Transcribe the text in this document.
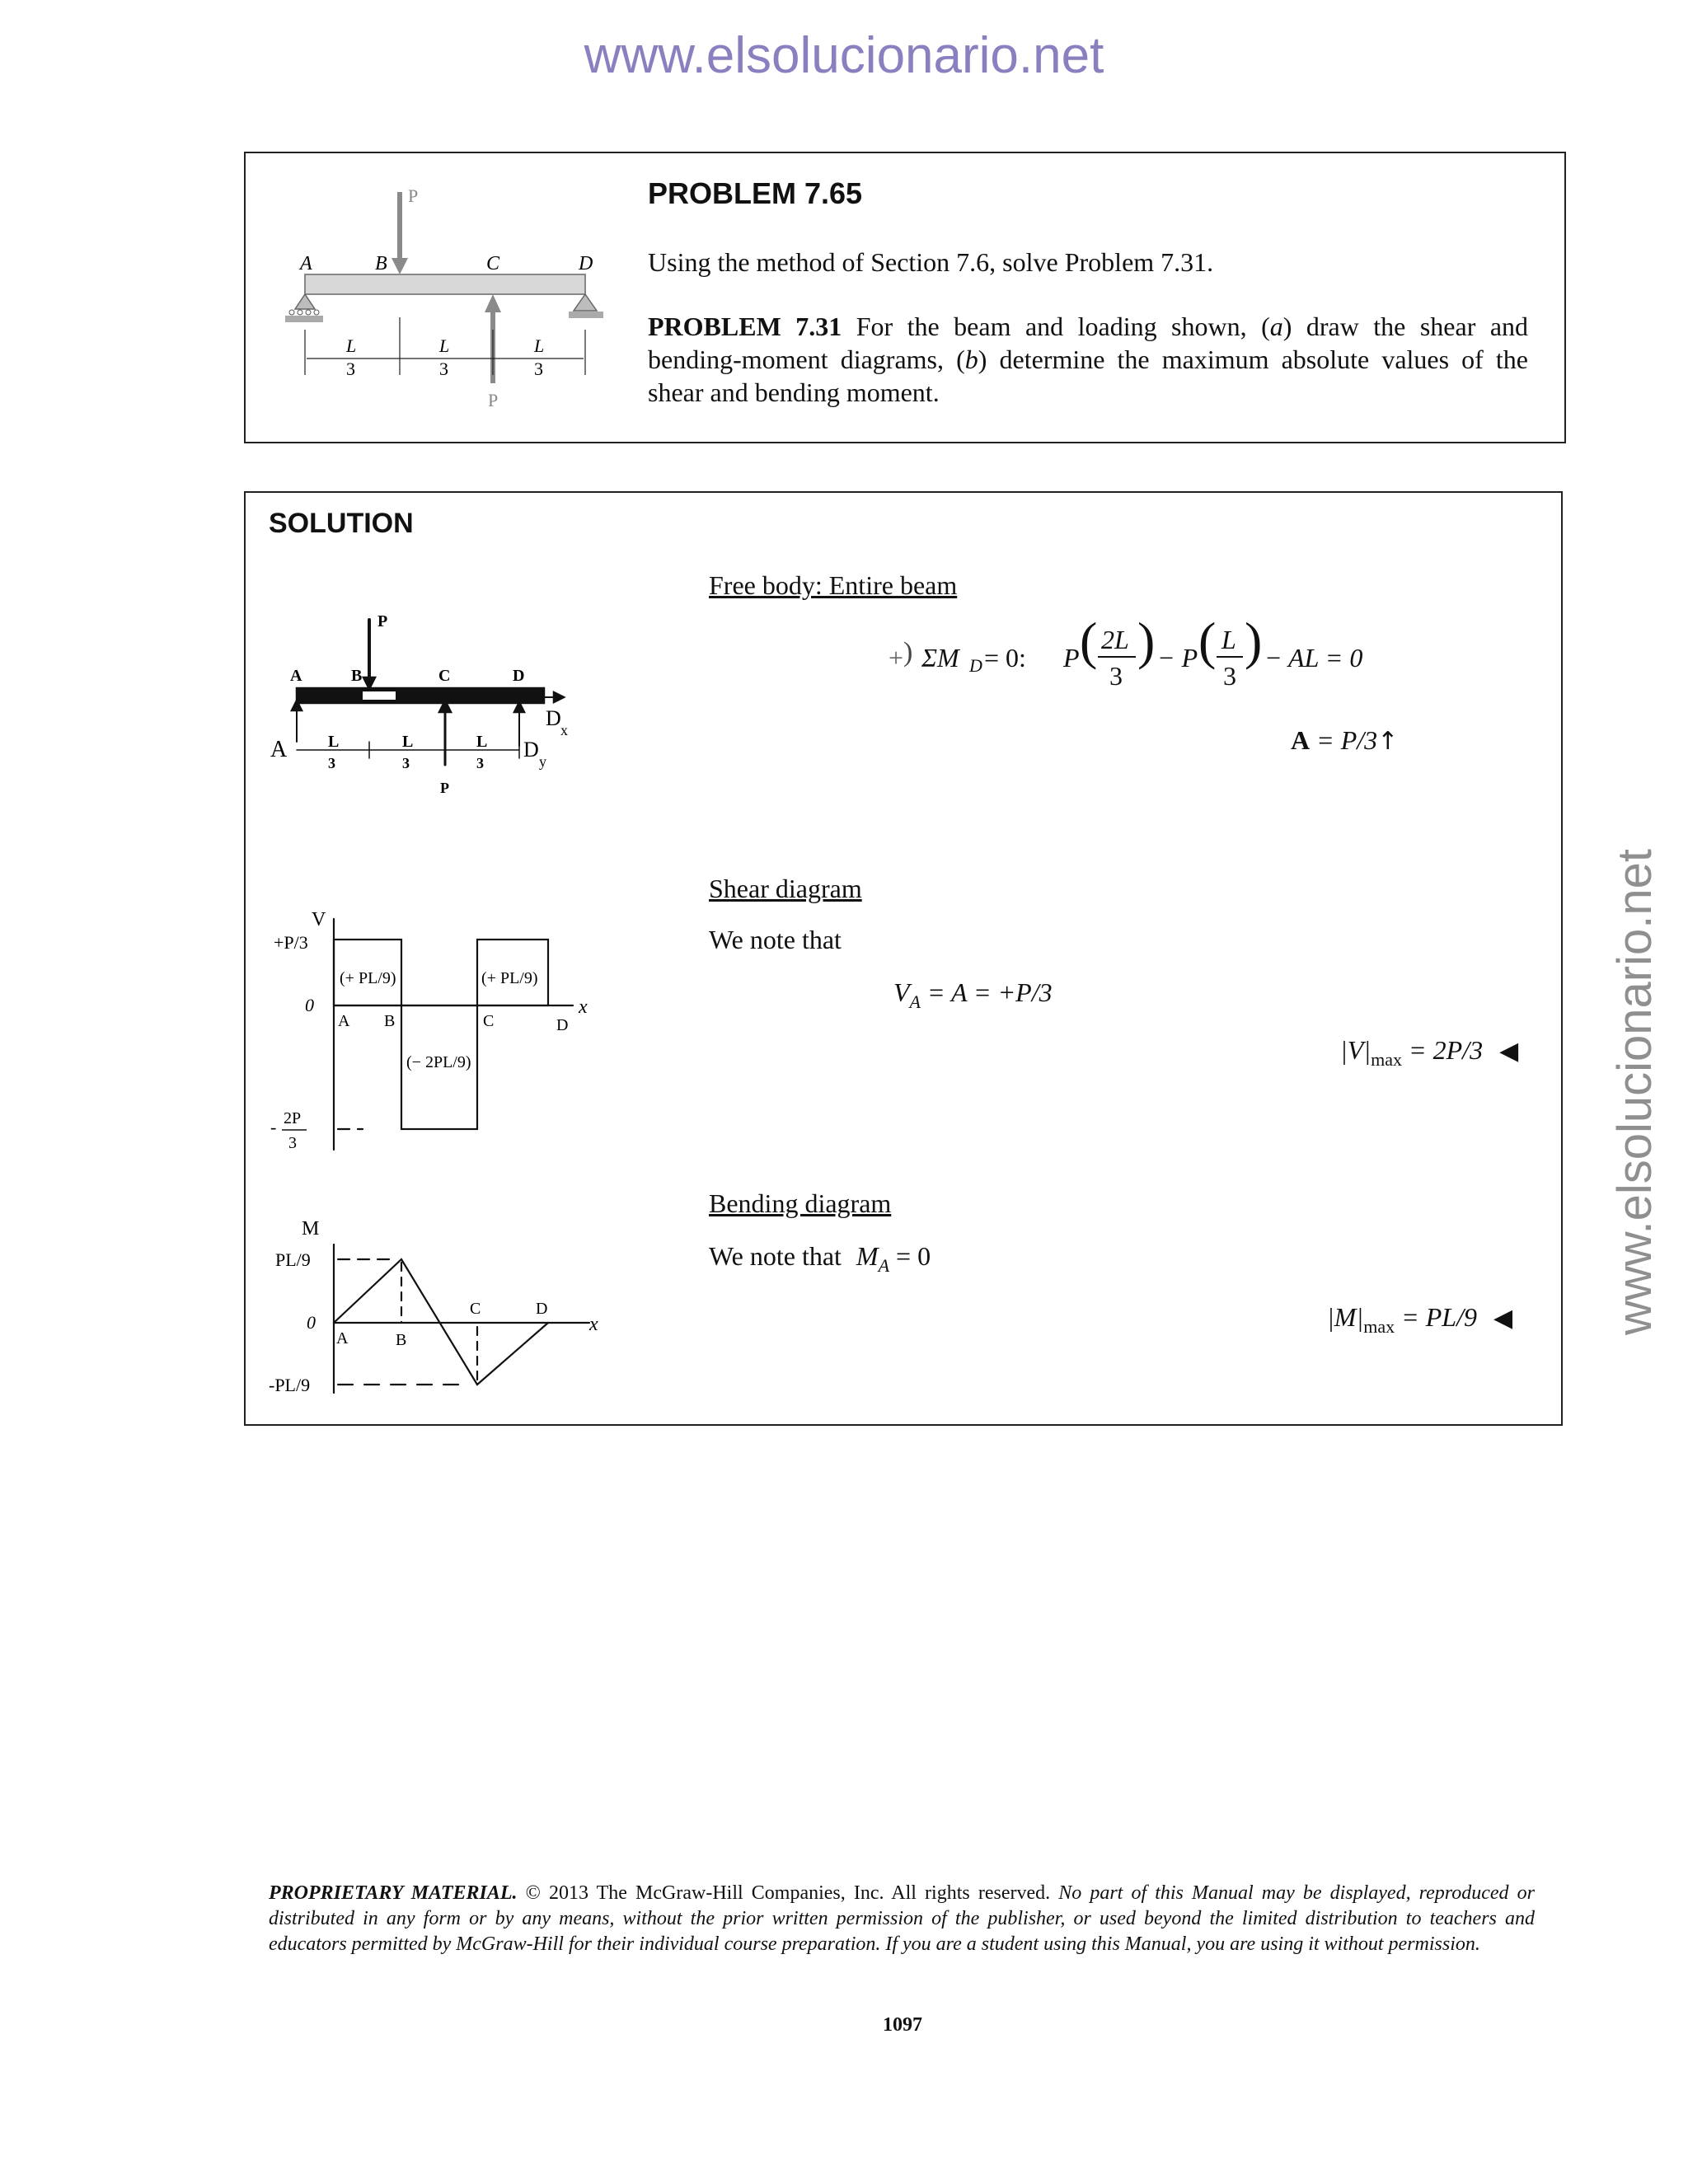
www.elsolucionario.net
www.elsolucionario.net
P
P
A	B	C	D
L
3
L
3
L
3
PROBLEM 7.65
Using the method of Section 7.6, solve Problem 7.31.
PROBLEM 7.31 For the beam and loading shown, (a) draw the shear and bending-moment diagrams, (b) determine the maximum absolute values of the shear and bending moment.
SOLUTION
P
P
A	B	C	D
L
3
L
3
L
3
A	D y
D x
Free body: Entire beam
+ ) ΣM D = 0: P ( 2L
3
) − P ( L
3
) − AL = 0
A = P/3↑
V
+P/3
0	x
A B	C	D
(+ PL/9)
(− 2PL/9)
(+ PL/9)
- 2P
3
Shear diagram
We note that
$V_A = A = +P/3$
$|V|_{max} = 2P/3$ ◀
M
PL/9
0
-PL/9
x
A	B
C	D
Bending diagram
We note that $M_A = 0$
$|M|_{max} = PL/9$ ◀
PROPRIETARY MATERIAL. © 2013 The McGraw-Hill Companies, Inc. All rights reserved. No part of this Manual may be displayed, reproduced or distributed in any form or by any means, without the prior written permission of the publisher, or used beyond the limited distribution to teachers and educators permitted by McGraw-Hill for their individual course preparation. If you are a student using this Manual, you are using it without permission.
1097
